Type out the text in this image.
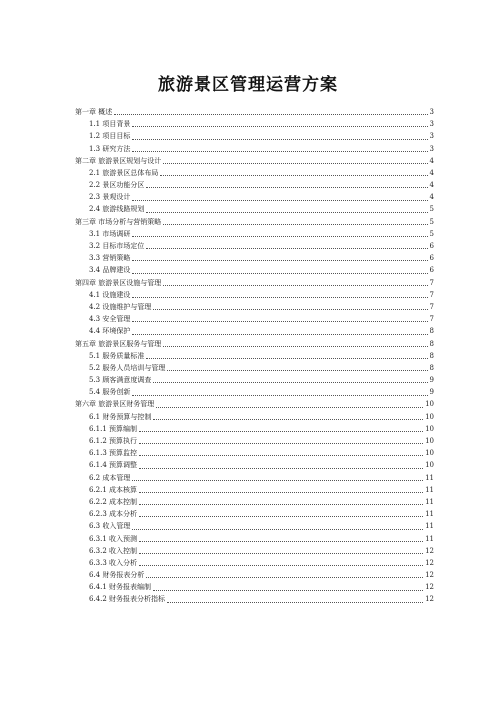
旅游景区管理运营方案
第一章 概述	3
1.1 项目背景	3
1.2 项目目标	3
1.3 研究方法	3
第二章 旅游景区规划与设计	4
2.1 旅游景区总体布局	4
2.2 景区功能分区	4
2.3 景观设计	4
2.4 旅游线路规划	5
第三章 市场分析与营销策略	5
3.1 市场调研	5
3.2 目标市场定位	6
3.3 营销策略	6
3.4 品牌建设	6
第四章 旅游景区设施与管理	7
4.1 设施建设	7
4.2 设施维护与管理	7
4.3 安全管理	7
4.4 环境保护	8
第五章 旅游景区服务与管理	8
5.1 服务质量标准	8
5.2 服务人员培训与管理	8
5.3 顾客满意度调查	9
5.4 服务创新	9
第六章 旅游景区财务管理	10
6.1 财务预算与控制	10
6.1.1 预算编制	10
6.1.2 预算执行	10
6.1.3 预算监控	10
6.1.4 预算调整	10
6.2 成本管理	11
6.2.1 成本核算	11
6.2.2 成本控制	11
6.2.3 成本分析	11
6.3 收入管理	11
6.3.1 收入预测	11
6.3.2 收入控制	12
6.3.3 收入分析	12
6.4 财务报表分析	12
6.4.1 财务报表编制	12
6.4.2 财务报表分析指标	12
